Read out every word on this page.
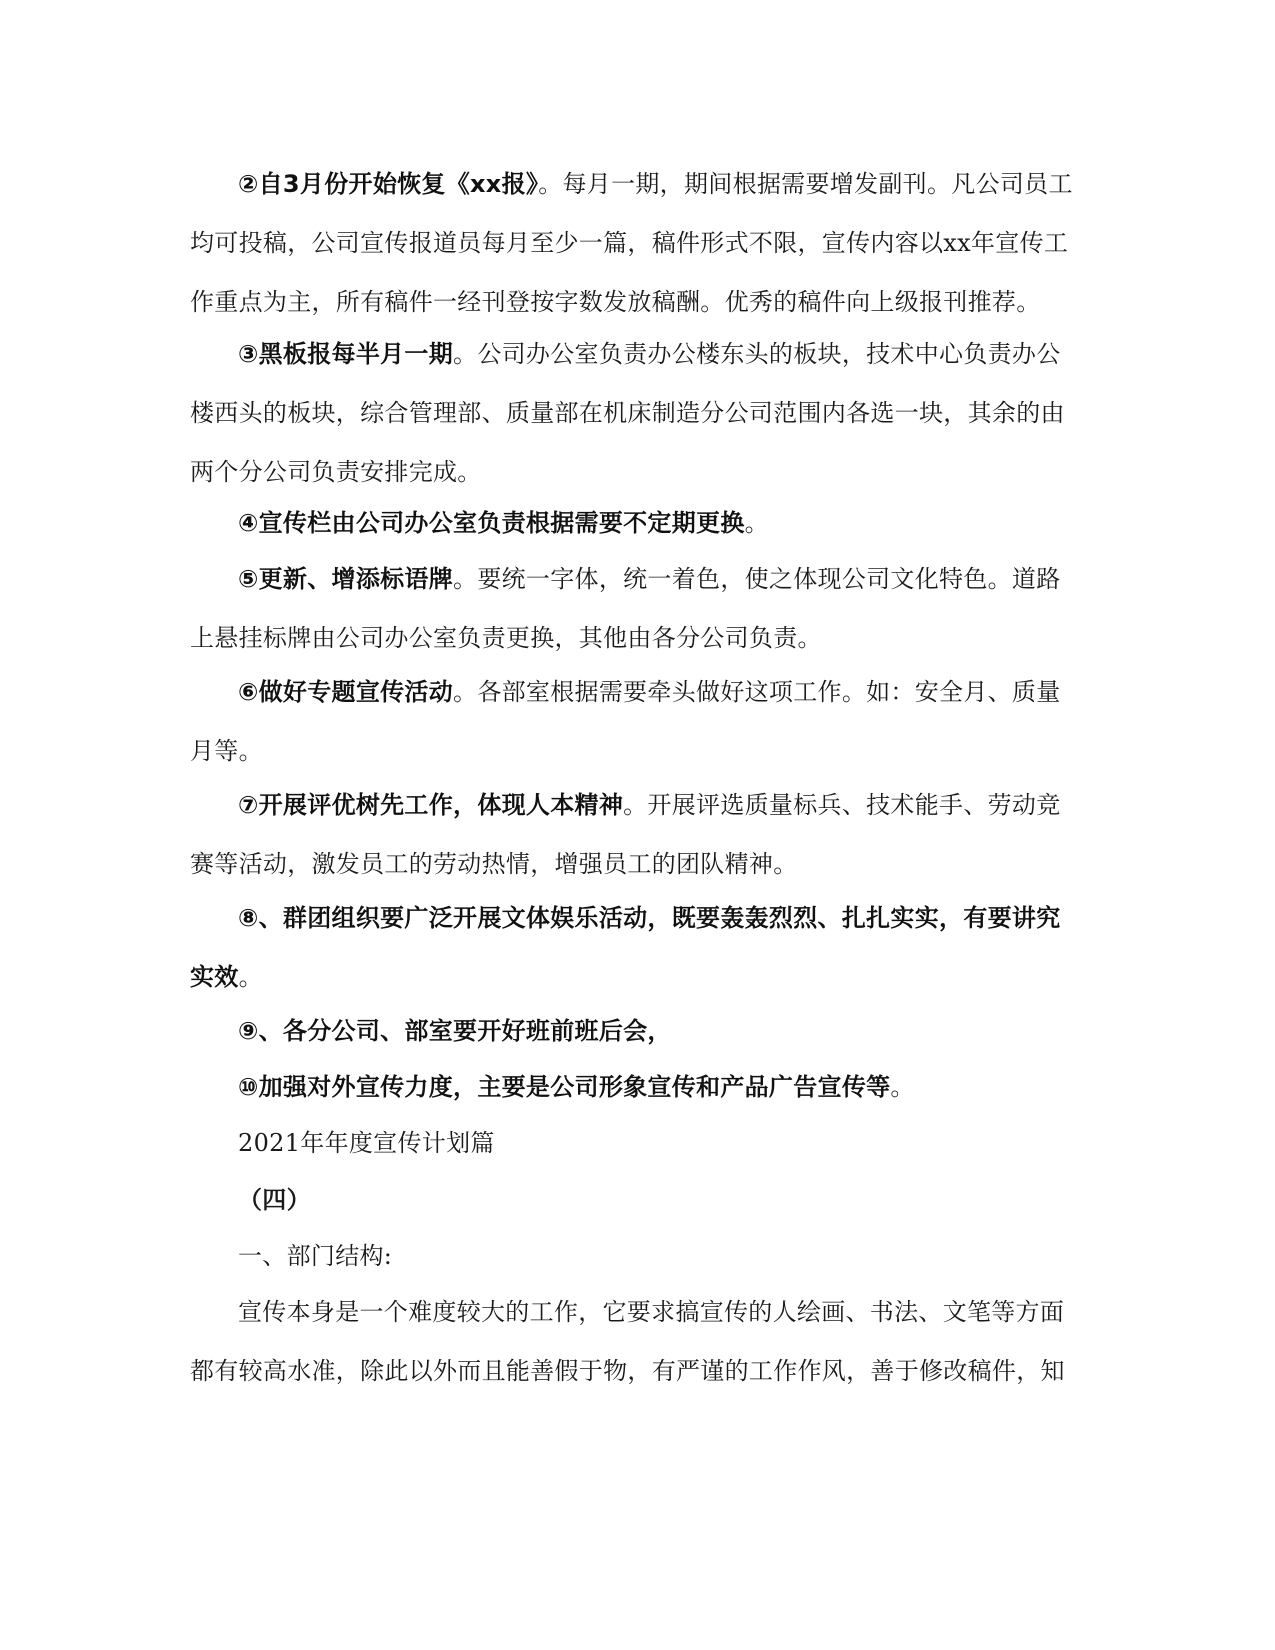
②自3月份开始恢复《xx报》。每月一期，期间根据需要增发副刊。凡公司员工均可投稿，公司宣传报道员每月至少一篇，稿件形式不限，宣传内容以xx年宣传工作重点为主，所有稿件一经刊登按字数发放稿酬。优秀的稿件向上级报刊推荐。

③黑板报每半月一期。公司办公室负责办公楼东头的板块，技术中心负责办公楼西头的板块，综合管理部、质量部在机床制造分公司范围内各选一块，其余的由两个分公司负责安排完成。

④宣传栏由公司办公室负责根据需要不定期更换。

⑤更新、增添标语牌。要统一字体，统一着色，使之体现公司文化特色。道路上悬挂标牌由公司办公室负责更换，其他由各分公司负责。

⑥做好专题宣传活动。各部室根据需要牵头做好这项工作。如：安全月、质量月等。

⑦开展评优树先工作，体现人本精神。开展评选质量标兵、技术能手、劳动竞赛等活动，激发员工的劳动热情，增强员工的团队精神。

⑧、群团组织要广泛开展文体娱乐活动，既要轰轰烈烈、扎扎实实，有要讲究实效。

⑨、各分公司、部室要开好班前班后会，

⑩加强对外宣传力度，主要是公司形象宣传和产品广告宣传等。

2021年年度宣传计划篇

（四）

一、部门结构:

宣传本身是一个难度较大的工作，它要求搞宣传的人绘画、书法、文笔等方面都有较高水准，除此以外而且能善假于物，有严谨的工作作风，善于修改稿件，知
